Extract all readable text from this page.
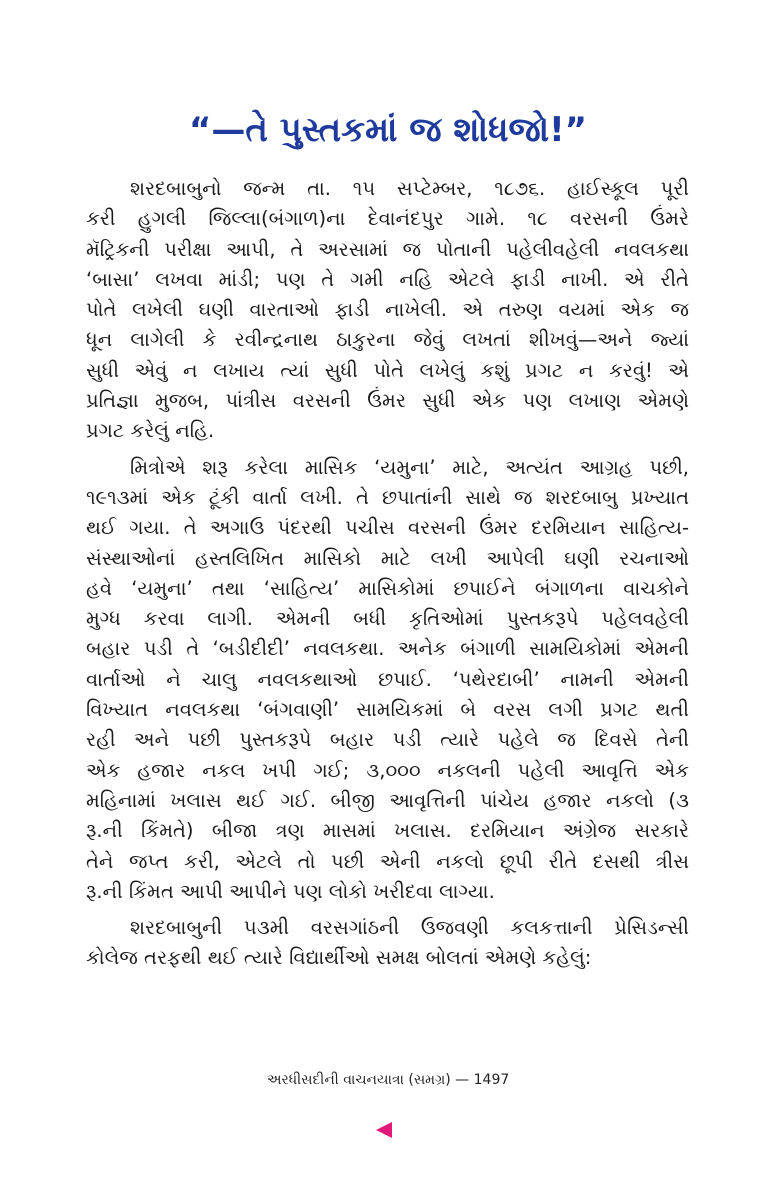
“—તે પુસ્તકમાં જ શોધજો!”
શરદબાબુનો જન્મ તા. ૧૫ સપ્ટેમ્બર, ૧૮૭૬. હાઈસ્કૂલ પૂરી
કરી હુગલી જિલ્લા(બંગાળ)ના દેવાનંદપુર ગામે. ૧૮ વરસની ઉંમરે
મૅટ્રિકની પરીક્ષા આપી, તે અરસામાં જ પોતાની પહેલીવહેલી નવલકથા
‘બાસા’ લખવા માંડી; પણ તે ગમી નહિ એટલે ફાડી નાખી. એ રીતે
પોતે લખેલી ઘણી વારતાઓ ફાડી નાખેલી. એ તરુણ વયમાં એક જ
ધૂન લાગેલી કે રવીન્દ્રનાથ ઠાકુરના જેવું લખતાં શીખવું—અને જ્યાં
સુધી એવું ન લખાય ત્યાં સુધી પોતે લખેલું કશું પ્રગટ ન કરવું! એ
પ્રતિજ્ઞા મુજબ, પાંત્રીસ વરસની ઉંમર સુધી એક પણ લખાણ એમણે
પ્રગટ કરેલું નહિ.
મિત્રોએ શરૂ કરેલા માસિક ‘યમુના’ માટે, અત્યંત આગ્રહ પછી,
૧૯૧૩માં એક ટૂંકી વાર્તા લખી. તે છપાતાંની સાથે જ શરદબાબુ પ્રખ્યાત
થઈ ગયા. તે અગાઉ પંદરથી પચીસ વરસની ઉંમર દરમિયાન સાહિત્ય-
સંસ્થાઓનાં હસ્તલિખિત માસિકો માટે લખી આપેલી ઘણી રચનાઓ
હવે ‘યમુના’ તથા ‘સાહિત્ય’ માસિકોમાં છપાઈને બંગાળના વાચકોને
મુગ્ધ કરવા લાગી. એમની બધી કૃતિઓમાં પુસ્તકરૂપે પહેલવહેલી
બહાર પડી તે ‘બડીદીદી’ નવલકથા. અનેક બંગાળી સામયિકોમાં એમની
વાર્તાઓ ને ચાલુ નવલકથાઓ છપાઈ. ‘પથેરદાબી’ નામની એમની
વિખ્યાત નવલકથા ‘બંગવાણી’ સામયિકમાં બે વરસ લગી પ્રગટ થતી
રહી અને પછી પુસ્તકરૂપે બહાર પડી ત્યારે પહેલે જ દિવસે તેની
એક હજાર નકલ ખપી ગઈ; ૩,૦૦૦ નકલની પહેલી આવૃત્તિ એક
મહિનામાં ખલાસ થઈ ગઈ. બીજી આવૃત્તિની પાંચેય હજાર નકલો (૩
રૂ.ની કિંમતે) બીજા ત્રણ માસમાં ખલાસ. દરમિયાન અંગ્રેજ સરકારે
તેને જપ્ત કરી, એટલે તો પછી એની નકલો છૂપી રીતે દસથી ત્રીસ
રૂ.ની કિંમત આપી આપીને પણ લોકો ખરીદવા લાગ્યા.
શરદબાબુની ૫૩મી વરસગાંઠની ઉજવણી કલકત્તાની પ્રેસિડન્સી
કોલેજ તરફથી થઈ ત્યારે વિદ્યાર્થીઓ સમક્ષ બોલતાં એમણે કહેલું:
અરધીસદીની વાચનયાત્રા (સમગ્ર) — 1497
